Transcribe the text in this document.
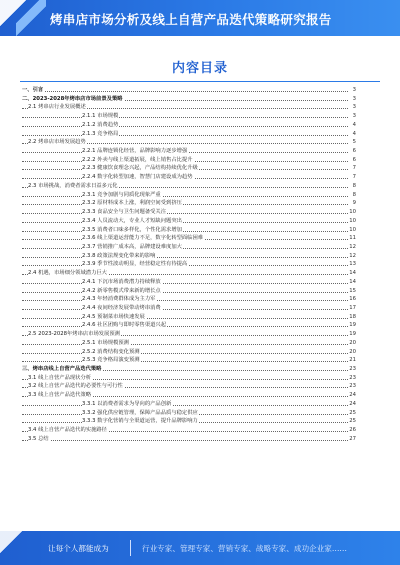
烤串店市场分析及线上自营产品迭代策略研究报告
内容目录
一、引言	3
二、2023-2028年烤串店市场前景及策略	3
2.1 烤串店行业发展概述	3
2.1.1 市场规模	3
2.1.2 消费趋势	4
2.1.3 竞争格局	4
2.2 烤串店市场发展趋势	5
2.2.1 品牌连锁化经营，品牌影响力逐步增强	6
2.2.2 外卖与线上渠道拓展，线上销售占比提升	6
2.2.3 健康饮食理念兴起，产品结构持续优化升级	7
2.2.4 数字化转型加速，智慧门店建设成为趋势	7
2.3 市场挑战，消费者需求日益多元化	8
2.3.1 竞争加剧与同质化现象严重	8
2.3.2 原材料成本上涨，利润空间受到挤压	9
2.3.3 食品安全与卫生问题备受关注	10
2.3.4 人员流动大，专业人才短缺问题突出	10
2.3.5 消费者口味多样化，个性化需求增加	10
2.3.6 线上渠道运营能力不足，数字化转型面临困难	11
2.3.7 营销推广成本高，品牌建设难度加大	12
2.3.8 政策法规变化带来的影响	12
2.3.9 季节性波动明显，经营稳定性有待提高	13
2.4 机遇，市场细分领域潜力巨大	14
2.4.1 下沉市场消费潜力持续释放	14
2.4.2 新零售模式带来新的增长点	15
2.4.3 年轻消费群体成为主力军	16
2.4.4 夜间经济发展带动烤串消费	17
2.4.5 预制菜市场快速发展	18
2.4.6 社区团购与即时零售渠道兴起	19
2.5 2023-2028年烤串店市场发展预测	19
2.5.1 市场规模预测	20
2.5.2 消费结构变化预测	20
2.5.3 竞争格局演变预测	21
三、烤串店线上自营产品迭代策略	23
3.1 线上自营产品现状分析	23
3.2 线上自营产品迭代的必要性与可行性	23
3.3 线上自营产品迭代策略	24
3.3.1 以消费者需求为导向的产品创新	24
3.3.2 强化供应链管理，保障产品品质与稳定供应	25
3.3.3 数字化营销与全渠道运营，提升品牌影响力	25
3.4 线上自营产品迭代的实施路径	26
3.5 总结	27
让每个人都能成为	行业专家、管理专家、营销专家、战略专家、成功企业家……
